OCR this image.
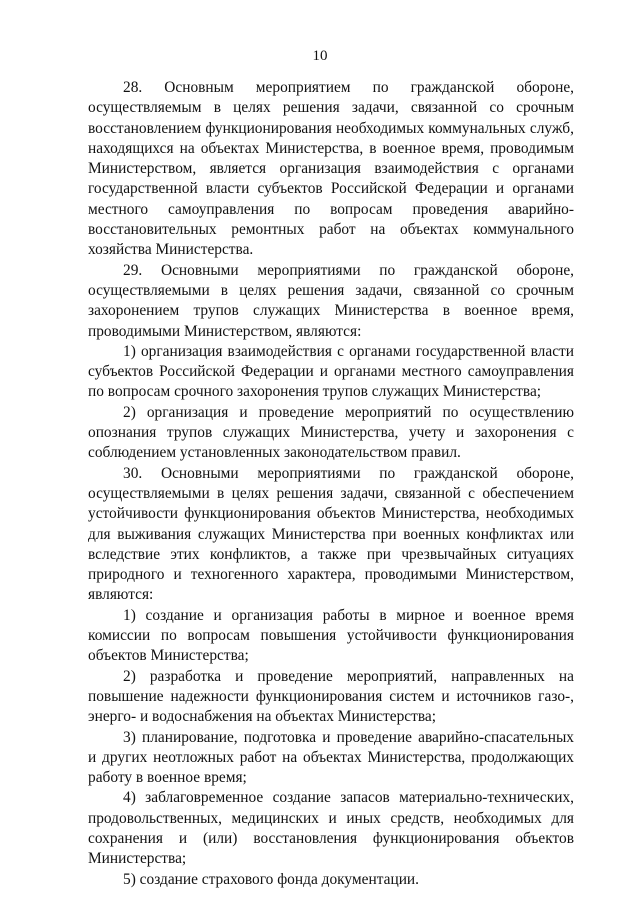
10

28. Основным мероприятием по гражданской обороне, осуществляемым в целях решения задачи, связанной со срочным восстановлением функционирования необходимых коммунальных служб, находящихся на объектах Министерства, в военное время, проводимым Министерством, является организация взаимодействия с органами государственной власти субъектов Российской Федерации и органами местного самоуправления по вопросам проведения аварийно-восстановительных ремонтных работ на объектах коммунального хозяйства Министерства.

29. Основными мероприятиями по гражданской обороне, осуществляемыми в целях решения задачи, связанной со срочным захоронением трупов служащих Министерства в военное время, проводимыми Министерством, являются:

1) организация взаимодействия с органами государственной власти субъектов Российской Федерации и органами местного самоуправления по вопросам срочного захоронения трупов служащих Министерства;

2) организация и проведение мероприятий по осуществлению опознания трупов служащих Министерства, учету и захоронения с соблюдением установленных законодательством правил.

30. Основными мероприятиями по гражданской обороне, осуществляемыми в целях решения задачи, связанной с обеспечением устойчивости функционирования объектов Министерства, необходимых для выживания служащих Министерства при военных конфликтах или вследствие этих конфликтов, а также при чрезвычайных ситуациях природного и техногенного характера, проводимыми Министерством, являются:

1) создание и организация работы в мирное и военное время комиссии по вопросам повышения устойчивости функционирования объектов Министерства;

2) разработка и проведение мероприятий, направленных на повышение надежности функционирования систем и источников газо-, энерго- и водоснабжения на объектах Министерства;

3) планирование, подготовка и проведение аварийно-спасательных и других неотложных работ на объектах Министерства, продолжающих работу в военное время;

4) заблаговременное создание запасов материально-технических, продовольственных, медицинских и иных средств, необходимых для сохранения и (или) восстановления функционирования объектов Министерства;

5) создание страхового фонда документации.
